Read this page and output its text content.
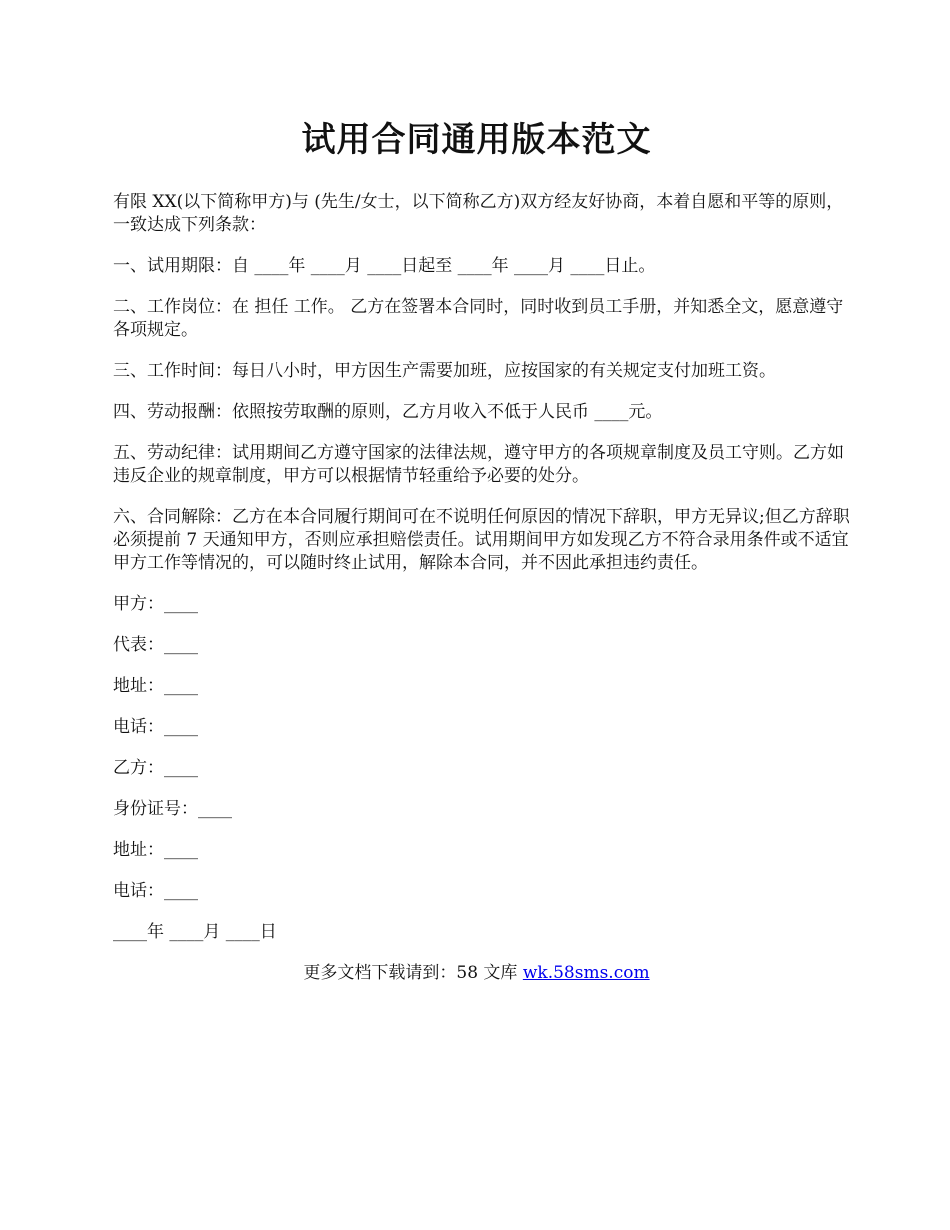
试用合同通用版本范文

有限 XX(以下简称甲方)与 (先生/女士，以下简称乙方)双方经友好协商，本着自愿和平等的原则，一致达成下列条款：

一、试用期限：自 ____年 ____月 ____日起至 ____年 ____月 ____日止。

二、工作岗位：在 担任 工作。 乙方在签署本合同时，同时收到员工手册，并知悉全文，愿意遵守各项规定。

三、工作时间：每日八小时，甲方因生产需要加班，应按国家的有关规定支付加班工资。

四、劳动报酬：依照按劳取酬的原则，乙方月收入不低于人民币 ____元。

五、劳动纪律：试用期间乙方遵守国家的法律法规，遵守甲方的各项规章制度及员工守则。乙方如违反企业的规章制度，甲方可以根据情节轻重给予必要的处分。

六、合同解除：乙方在本合同履行期间可在不说明任何原因的情况下辞职，甲方无异议;但乙方辞职必须提前 7 天通知甲方，否则应承担赔偿责任。试用期间甲方如发现乙方不符合录用条件或不适宜甲方工作等情况的，可以随时终止试用，解除本合同，并不因此承担违约责任。

甲方：____
代表：____
地址：____
电话：____
乙方：____
身份证号：____
地址：____
电话：____
____年 ____月 ____日
更多文档下载请到：58 文库 wk.58sms.com
